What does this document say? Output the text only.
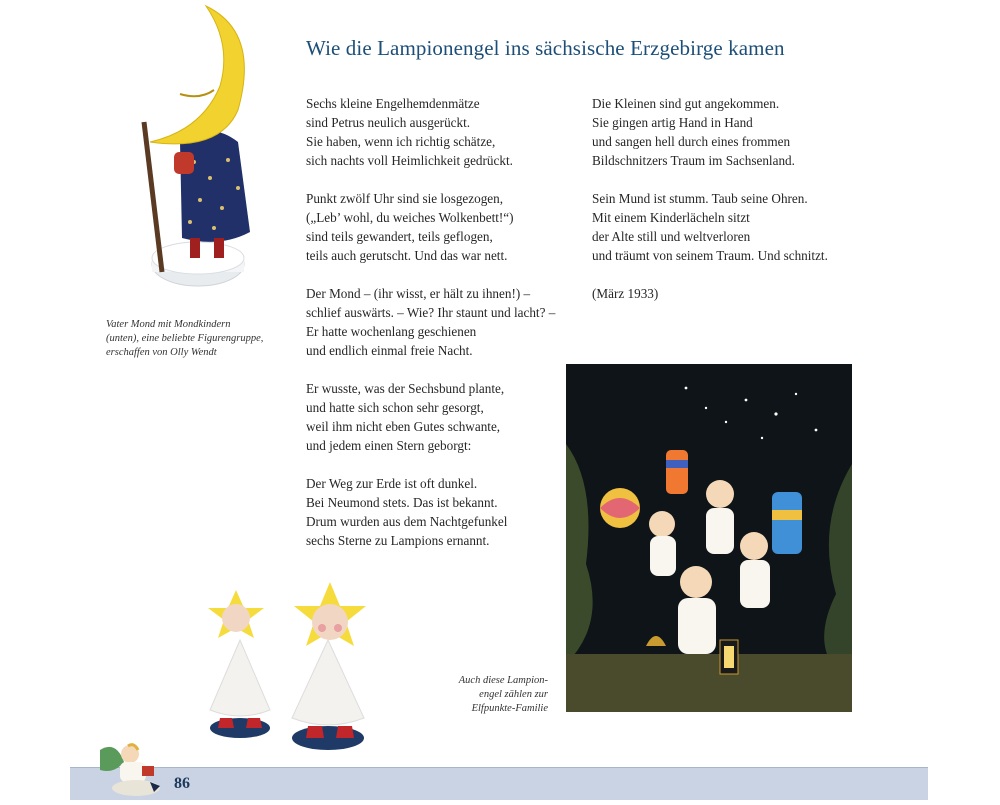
Wie die Lampionengel ins sächsische Erzgebirge kamen
Sechs kleine Engelhemdenmätze
sind Petrus neulich ausgerückt.
Sie haben, wenn ich richtig schätze,
sich nachts voll Heimlichkeit gedrückt.
Punkt zwölf Uhr sind sie losgezogen,
(„Leb’ wohl, du weiches Wolkenbett!“)
sind teils gewandert, teils geflogen,
teils auch gerutscht. Und das war nett.
Der Mond – (ihr wisst, er hält zu ihnen!) –
schlief auswärts. – Wie? Ihr staunt und lacht? –
Er hatte wochenlang geschienen
und endlich einmal freie Nacht.
Er wusste, was der Sechsbund plante,
und hatte sich schon sehr gesorgt,
weil ihm nicht eben Gutes schwante,
und jedem einen Stern geborgt:
Der Weg zur Erde ist oft dunkel.
Bei Neumond stets. Das ist bekannt.
Drum wurden aus dem Nachtgefunkel
sechs Sterne zu Lampions ernannt.
Die Kleinen sind gut angekommen.
Sie gingen artig Hand in Hand
und sangen hell durch eines frommen
Bildschnitzers Traum im Sachsenland.
Sein Mund ist stumm. Taub seine Ohren.
Mit einem Kinderlächeln sitzt
der Alte still und weltverloren
und träumt von seinem Traum. Und schnitzt.
(März 1933)
Vater Mond mit Mondkindern
(unten), eine beliebte Figurengruppe,
erschaffen von Olly Wendt
Auch diese Lampion-
engel zählen zur
Elfpunkte-Familie
86
